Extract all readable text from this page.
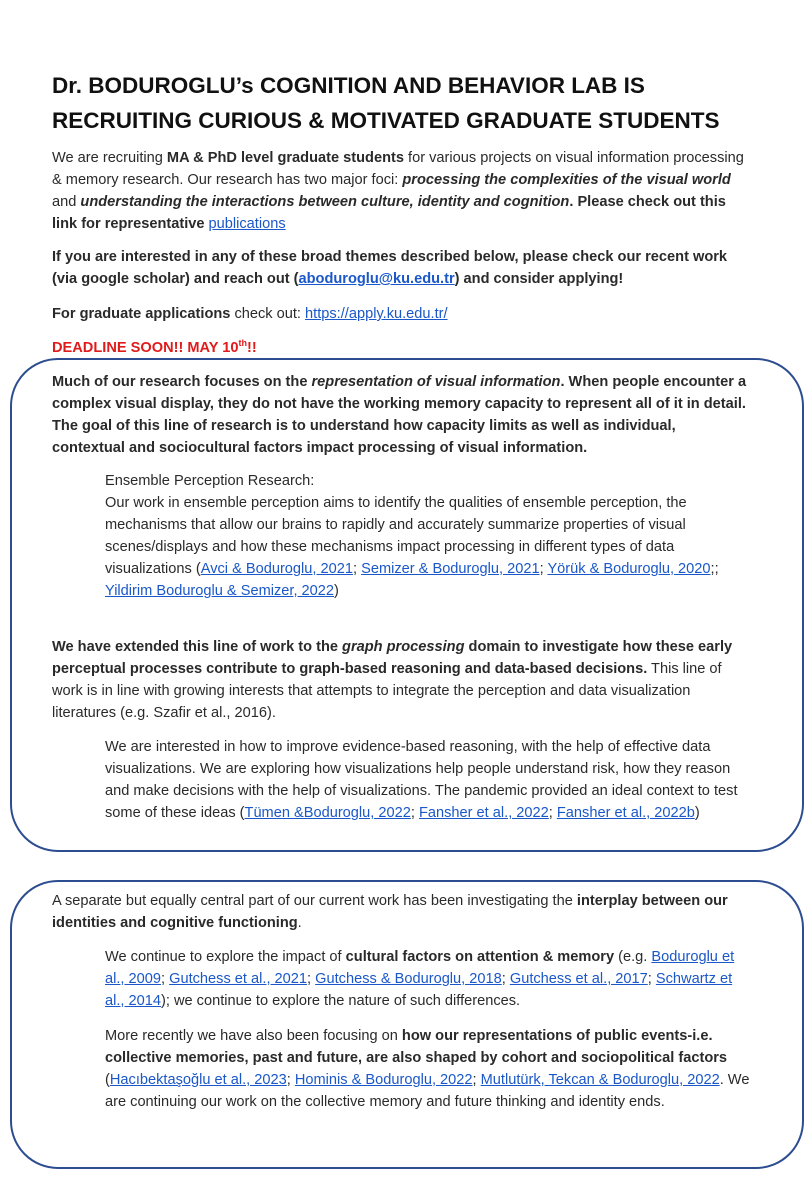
Dr. BODUROGLU’s COGNITION AND BEHAVIOR LAB IS
RECRUITING CURIOUS & MOTIVATED GRADUATE STUDENTS

We are recruiting MA & PhD level graduate students for various projects on visual information processing & memory research. Our research has two major foci: processing the complexities of the visual world and understanding the interactions between culture, identity and cognition. Please check out this link for representative publications

If you are interested in any of these broad themes described below, please check our recent work (via google scholar) and reach out (aboduroglu@ku.edu.tr) and consider applying!

For graduate applications check out: https://apply.ku.edu.tr/

DEADLINE SOON!! MAY 10th!!

Much of our research focuses on the representation of visual information. When people encounter a complex visual display, they do not have the working memory capacity to represent all of it in detail. The goal of this line of research is to understand how capacity limits as well as individual, contextual and sociocultural factors impact processing of visual information.

Ensemble Perception Research:

Our work in ensemble perception aims to identify the qualities of ensemble perception, the mechanisms that allow our brains to rapidly and accurately summarize properties of visual scenes/displays and how these mechanisms impact processing in different types of data visualizations (Avci & Boduroglu, 2021; Semizer & Boduroglu, 2021; Yörük & Boduroglu, 2020;; Yildirim Boduroglu & Semizer, 2022)

We have extended this line of work to the graph processing domain to investigate how these early perceptual processes contribute to graph-based reasoning and data-based decisions. This line of work is in line with growing interests that attempts to integrate the perception and data visualization literatures (e.g. Szafir et al., 2016).

We are interested in how to improve evidence-based reasoning, with the help of effective data visualizations. We are exploring how visualizations help people understand risk, how they reason and make decisions with the help of visualizations. The pandemic provided an ideal context to test some of these ideas (Tümen &Boduroglu, 2022; Fansher et al., 2022; Fansher et al., 2022b)

A separate but equally central part of our current work has been investigating the interplay between our identities and cognitive functioning.

We continue to explore the impact of cultural factors on attention & memory (e.g. Boduroglu et al., 2009; Gutchess et al., 2021; Gutchess & Boduroglu, 2018; Gutchess et al., 2017; Schwartz et al., 2014); we continue to explore the nature of such differences.

More recently we have also been focusing on how our representations of public events-i.e. collective memories, past and future, are also shaped by cohort and sociopolitical factors (Hacıbektaşoğlu et al., 2023; Hominis & Boduroglu, 2022; Mutlutürk, Tekcan & Boduroglu, 2022. We are continuing our work on the collective memory and future thinking and identity ends.
